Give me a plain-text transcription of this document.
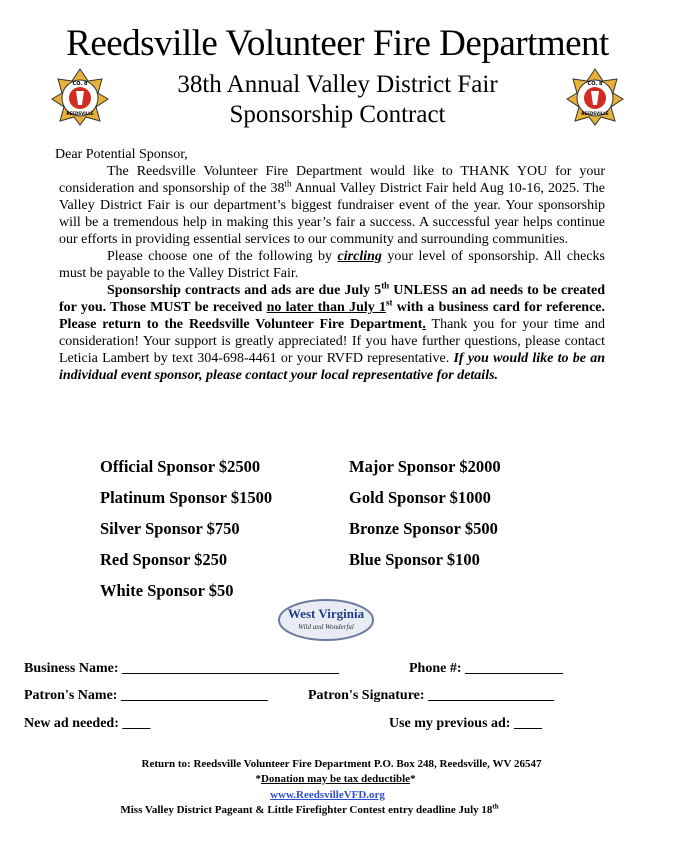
Reedsville Volunteer Fire Department
38th Annual Valley District Fair
Sponsorship Contract
CO. 8
REEDSVILLE
CO. 8
REEDSVILLE

Dear Potential Sponsor,

The Reedsville Volunteer Fire Department would like to THANK YOU for your consideration and sponsorship of the 38th Annual Valley District Fair held Aug 10-16, 2025. The Valley District Fair is our department’s biggest fundraiser event of the year. Your sponsorship will be a tremendous help in making this year’s fair a success. A successful year helps continue our efforts in providing essential services to our community and surrounding communities.

Please choose one of the following by circling your level of sponsorship. All checks must be payable to the Valley District Fair.

Sponsorship contracts and ads are due July 5th UNLESS an ad needs to be created for you. Those MUST be received no later than July 1st with a business card for reference. Please return to the Reedsville Volunteer Fire Department. Thank you for your time and consideration! Your support is greatly appreciated! If you have further questions, please contact Leticia Lambert by text 304-698-4461 or your RVFD representative. If you would like to be an individual event sponsor, please contact your local representative for details.

Official Sponsor $2500	Major Sponsor $2000
Platinum Sponsor $1500	Gold Sponsor $1000
Silver Sponsor $750	Bronze Sponsor $500
Red Sponsor $250	Blue Sponsor $100
White Sponsor $50
West Virginia
Wild and Wonderful
Business Name: _______________________________	Phone #: ______________
Patron's Name: _____________________	Patron's Signature: __________________
New ad needed: ____	Use my previous ad: ____
Return to: Reedsville Volunteer Fire Department P.O. Box 248, Reedsville, WV 26547
*Donation may be tax deductible*
www.ReedsvilleVFD.org
Miss Valley District Pageant & Little Firefighter Contest entry deadline July 18th
